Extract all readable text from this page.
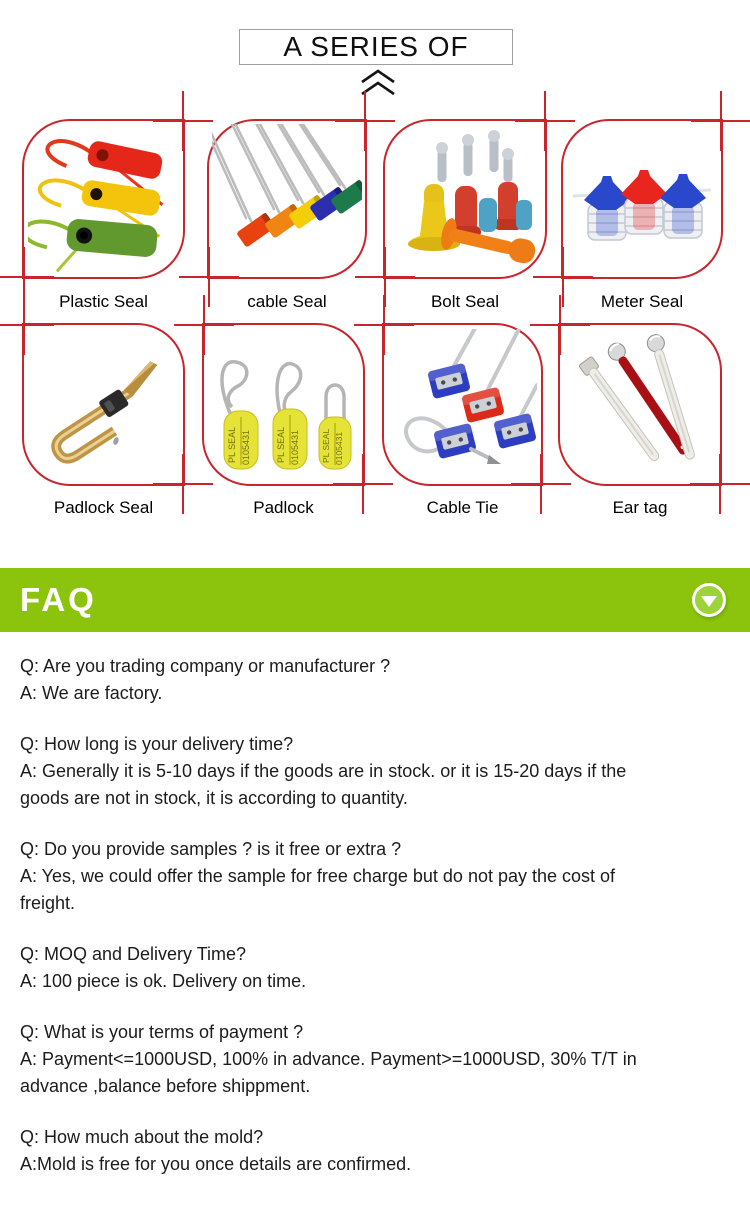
A SERIES OF
Plastic Seal	cable Seal	Bolt Seal	Meter Seal
Padlock Seal
PL SEAL 0105431	PL SEAL 0105431 PL SEAL 0105431
Padlock	Cable Tie	Ear tag
FAQ
Q: Are you trading company or manufacturer ?
A: We are factory.
Q: How long is your delivery time?
A: Generally it is 5-10 days if the goods are in stock. or it is 15-20 days if the
goods are not in stock, it is according to quantity.
Q: Do you provide samples ? is it free or extra ?
A: Yes, we could offer the sample for free charge but do not pay the cost of
freight.
Q: MOQ and Delivery Time?
A: 100 piece is ok. Delivery on time.
Q: What is your terms of payment ?
A: Payment<=1000USD, 100% in advance. Payment>=1000USD, 30% T/T in
advance ,balance before shippment.
Q: How much about the mold?
A:Mold is free for you once details are confirmed.
